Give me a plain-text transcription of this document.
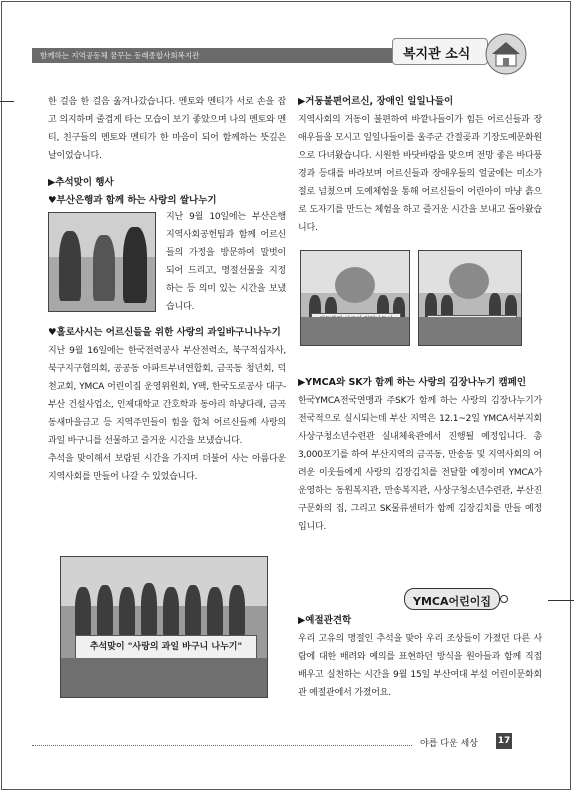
함께하는 지역공동체 꿈꾸는 동래종합사회복지관	복지관 소식

한 걸음 한 걸음 옮겨나갔습니다. 멘토와 멘티가 서로 손을 잡고 의지하며 줄겹게 타는 모습이 보기 좋았으며 나의 멘토와 멘티, 친구들의 멘토와 멘티가 한 마음이 되어 함께하는 뜻깊은 날이었습니다.

▶추석맞이 행사

♥부산은행과 함께 하는 사랑의 쌀나누기

지난 9월 10일에는 부산은행 지역사회공헌팀과 함께 어르신들의 가정을 방문하여 말벗이 되어 드리고, 명절선물을 지정하는 등 의미 있는 시간을 보냈습니다.

♥홀로사시는 어르신들을 위한 사랑의 과일바구니나누기

지난 9월 16일에는 한국전력공사 부산전력소, 북구적십자사, 북구지구협의회, 공공동 아파트부녀연합회, 금곡동 청년회, 덕천교회, YMCA 어린이집 운영위원회, Y팩, 한국도로공사 대구-부산 건설사업소, 인제대학교 간호학과 동아리 하냥다래, 금곡동새마을금고 등 지역주민들이 힘을 합쳐 어르신들께 사랑의 과일 바구니를 선물하고 즐거운 시간을 보냈습니다.

추석을 맞이해서 보람된 시간을 가지며 더불어 사는 아름다운 지역사회를 만들어 나갈 수 있었습니다.

추석맞이 "사랑의 과일 바구니 나누기"

▶거동불편어르신, 장애인 일일나들이

지역사회의 거동이 불편하여 바깥나들이가 힘든 어르신들과 장애우들을 모시고 일일나들이를 울주군 간절곶과 기장도예문화원으로 다녀왔습니다. 시원한 바닷바람을 맞으며 전망 좋은 바다풍경과 등대를 바라보며 어르신들과 장애우들의 얼굴에는 미소가 절로 넘쳤으며 도예체험을 통해 어르신들이 어린아이 마냥 흙으로 도자기를 만드는 체험을 하고 즐거운 시간을 보내고 돌아왔습니다.

▶YMCA와 SK가 함께 하는 사랑의 김장나누기 캠페인

한국YMCA전국연맹과 주SK가 함께 하는 사랑의 김장나누기가 전국적으로 실시되는데 부산 지역은 12.1~2일 YMCA서부지회 사상구청소년수련관 실내체육관에서 진행될 예정입니다. 총 3,000포기를 하여 부산지역의 금곡동, 만송동 및 지역사회의 어려운 이웃들에게 사랑의 김장김치를 전달할 예정이며 YMCA가 운영하는 동원복지관, 만송복지관, 사상구청소년수련관, 부산진구문화의 집, 그리고 SK물류센터가 함께 김장김치를 만들 예정입니다.

YMCA어린이집

▶예절관견학

우리 고유의 명절인 추석을 맞아 우리 조상들이 가졌던 다른 사람에 대한 배려와 예의를 표현하던 방식을 원아들과 함께 직접 배우고 실천하는 시간을 9월 15일 부산여대 부설 어린이문화회관 예절관에서 가졌어요.

야릅 다운 세상 17
